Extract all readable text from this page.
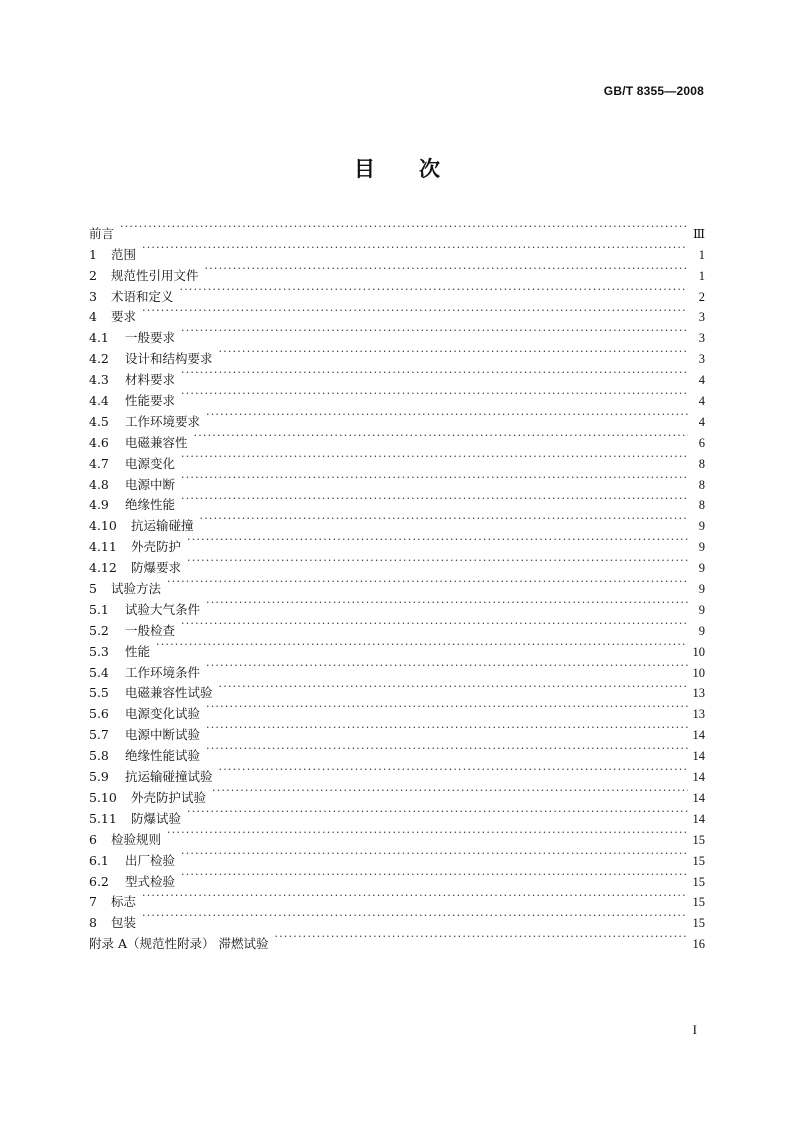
GB/T 8355—2008
目 次
前言 ·····	Ⅲ
1	范围 ·····	1
2	规范性引用文件 ·····	1
3	术语和定义 ·····	2
4	要求 ·····	3
4.1	一般要求 ·····	3
4.2	设计和结构要求 ·····	3
4.3	材料要求 ·····	4
4.4	性能要求 ·····	4
4.5	工作环境要求 ·····	4
4.6	电磁兼容性 ·····	6
4.7	电源变化 ·····	8
4.8	电源中断 ·····	8
4.9	绝缘性能 ·····	8
4.10	抗运输碰撞 ·····	9
4.11	外壳防护 ·····	9
4.12	防爆要求 ·····	9
5	试验方法 ·····	9
5.1	试验大气条件 ·····	9
5.2	一般检查 ·····	9
5.3	性能 ·····	10
5.4	工作环境条件 ·····	10
5.5	电磁兼容性试验 ·····	13
5.6	电源变化试验 ·····	13
5.7	电源中断试验 ·····	14
5.8	绝缘性能试验 ·····	14
5.9	抗运输碰撞试验 ·····	14
5.10	外壳防护试验 ·····	14
5.11	防爆试验 ·····	14
6	检验规则 ·····	15
6.1	出厂检验 ·····	15
6.2	型式检验 ·····	15
7	标志 ·····	15
8	包装 ·····	15
附录 A（规范性附录） 滞燃试验 ·····	16
I
